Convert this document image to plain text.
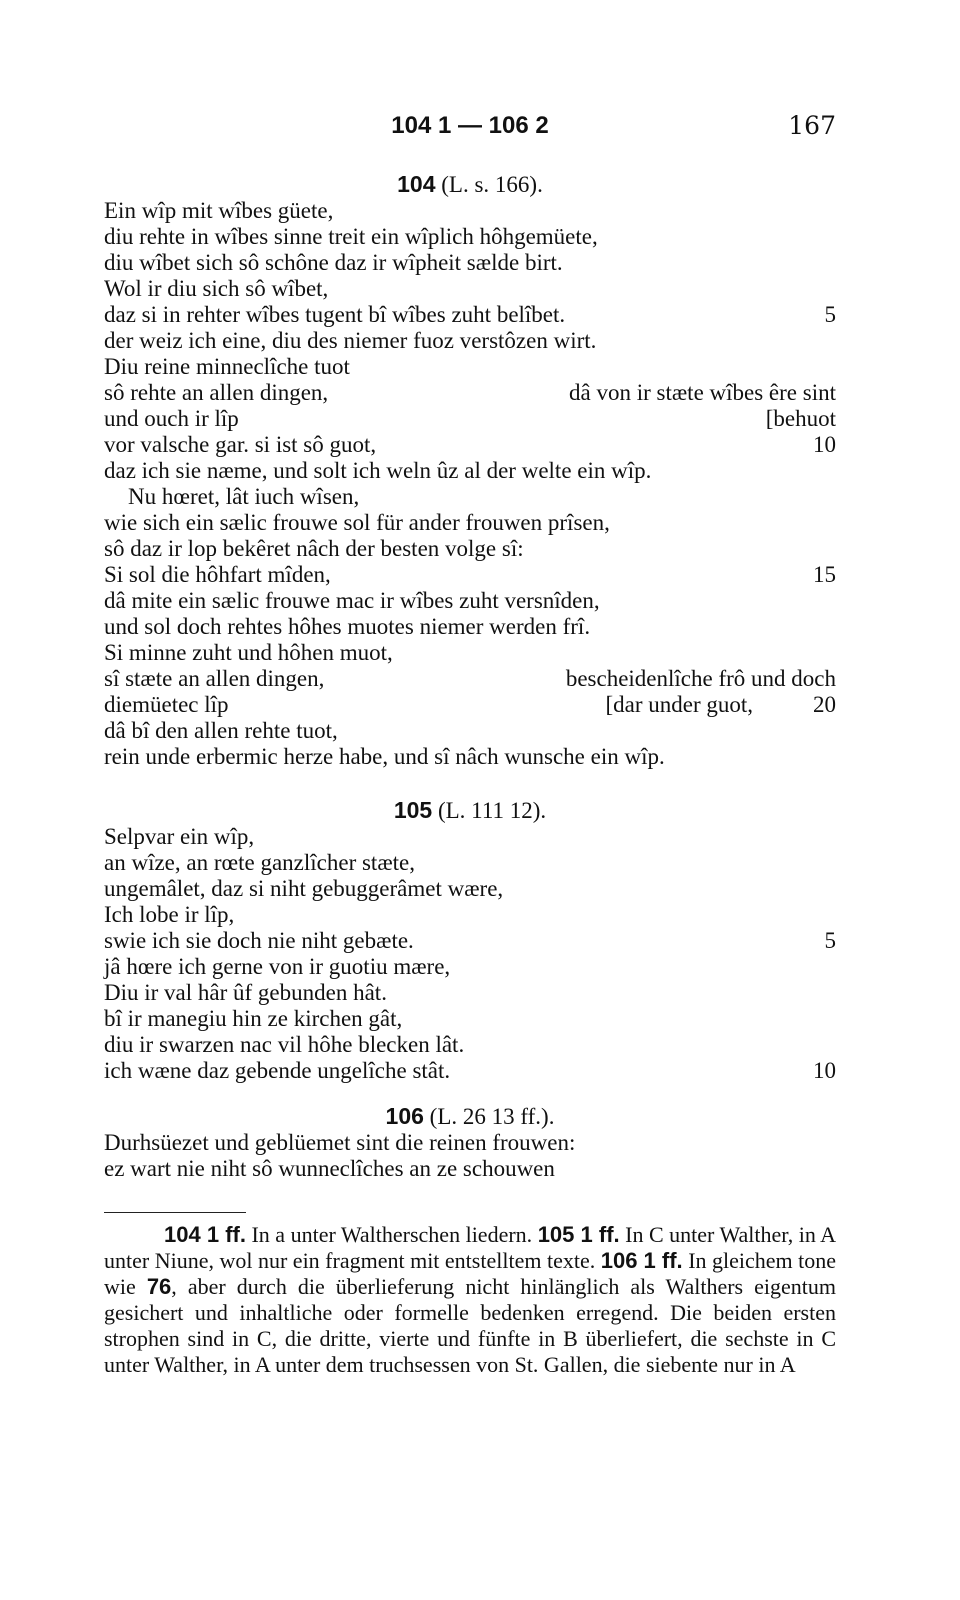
104 1 — 106 2	167
104 (L. s. 166).
Ein wîp mit wîbes güete,
diu rehte in wîbes sinne treit ein wîplich hôhgemüete,
diu wîbet sich sô schône daz ir wîpheit sælde birt.
Wol ir diu sich sô wîbet,
daz si in rehter wîbes tugent bî wîbes zuht belîbet.	5
der weiz ich eine, diu des niemer fuoz verstôzen wirt.
Diu reine minneclîche tuot
sô rehte an allen dingen,	dâ von ir stæte wîbes êre sint
und ouch ir lîp	[behuot
vor valsche gar. si ist sô guot,	10
daz ich sie næme, und solt ich weln ûz al der welte ein wîp.
Nu hœret, lât iuch wîsen,
wie sich ein sælic frouwe sol für ander frouwen prîsen,
sô daz ir lop bekêret nâch der besten volge sî:
Si sol die hôhfart mîden,	15
dâ mite ein sælic frouwe mac ir wîbes zuht versnîden,
und sol doch rehtes hôhes muotes niemer werden frî.
Si minne zuht und hôhen muot,
sî stæte an allen dingen,	bescheidenlîche frô und doch
diemüetec lîp	[dar under guot,	20
dâ bî den allen rehte tuot,
rein unde erbermic herze habe, und sî nâch wunsche ein wîp.
105 (L. 111 12).
Selpvar ein wîp,
an wîze, an rœte ganzlîcher stæte,
ungemâlet, daz si niht gebuggerâmet wære,
Ich lobe ir lîp,
swie ich sie doch nie niht gebæte.	5
jâ hœre ich gerne von ir guotiu mære,
Diu ir val hâr ûf gebunden hât.
bî ir manegiu hin ze kirchen gât,
diu ir swarzen nac vil hôhe blecken lât.
ich wæne daz gebende ungelîche stât.	10
106 (L. 26 13 ff.).
Durhsüezet und geblüemet sint die reinen frouwen:
ez wart nie niht sô wunneclîches an ze schouwen
104 1 ff. In a unter Waltherschen liedern. 105 1 ff. In C unter Walther, in A unter Niune, wol nur ein fragment mit entstelltem texte. 106 1 ff. In gleichem tone wie 76, aber durch die überlieferung nicht hinlänglich als Walthers eigentum gesichert und inhaltliche oder formelle bedenken erregend. Die beiden ersten strophen sind in C, die dritte, vierte und fünfte in B überliefert, die sechste in C unter Walther, in A unter dem truchsessen von St. Gallen, die siebente nur in A
